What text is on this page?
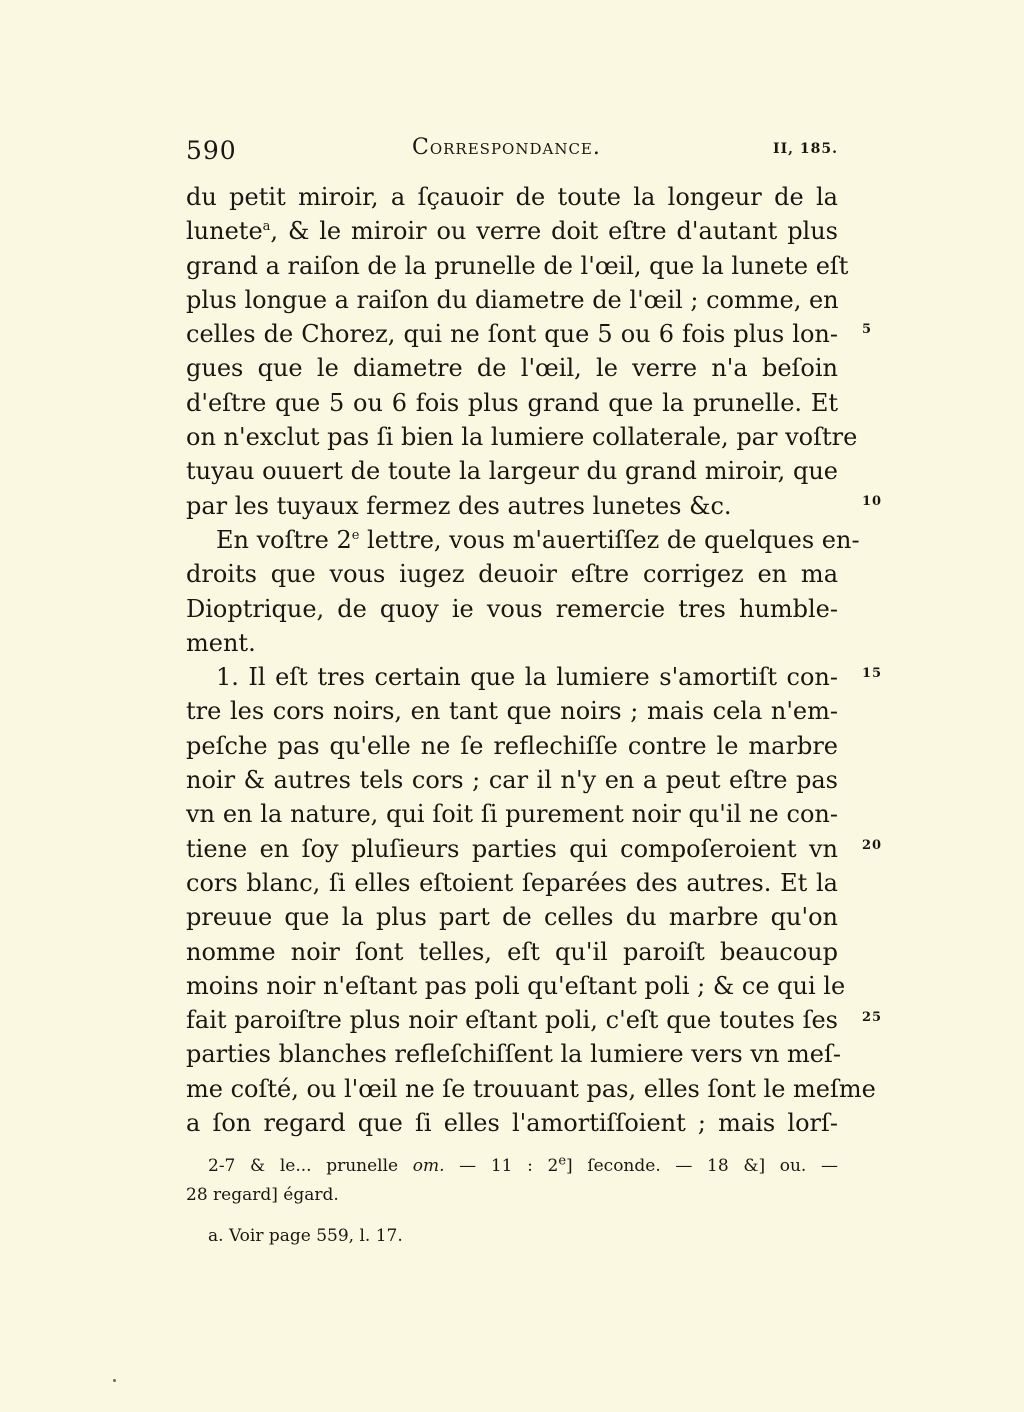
590	Correspondance.	II, 185.
du petit miroir, a ſçauoir de toute la longeur de la
lunete$^a$, & le miroir ou verre doit eſtre d'autant plus
grand a raiſon de la prunelle de l'œil, que la lunete eſt
plus longue a raiſon du diametre de l'œil ; comme, en
celles de Chorez, qui ne ſont que 5 ou 6 fois plus lon-
gues que le diametre de l'œil, le verre n'a beſoin
d'eſtre que 5 ou 6 fois plus grand que la prunelle. Et
on n'exclut pas ſi bien la lumiere collaterale, par voſtre
tuyau ouuert de toute la largeur du grand miroir, que
par les tuyaux fermez des autres lunetes &c.
En voſtre 2e lettre, vous m'auertiſſez de quelques en-
droits que vous iugez deuoir eſtre corrigez en ma
Dioptrique, de quoy ie vous remercie tres humble-
ment.
1. Il eſt tres certain que la lumiere s'amortiſt con-
tre les cors noirs, en tant que noirs ; mais cela n'em-
peſche pas qu'elle ne ſe reflechiſſe contre le marbre
noir & autres tels cors ; car il n'y en a peut eſtre pas
vn en la nature, qui ſoit ſi purement noir qu'il ne con-
tiene en ſoy pluſieurs parties qui compoſeroient vn
cors blanc, ſi elles eſtoient ſeparées des autres. Et la
preuue que la plus part de celles du marbre qu'on
nomme noir ſont telles, eſt qu'il paroiſt beaucoup
moins noir n'eſtant pas poli qu'eſtant poli ; & ce qui le
fait paroiſtre plus noir eſtant poli, c'eſt que toutes ſes
parties blanches refleſchiſſent la lumiere vers vn meſ-
me coſté, ou l'œil ne ſe trouuant pas, elles ſont le meſme
a ſon regard que ſi elles l'amortiſſoient ; mais lorſ-
5
10
15
20
25
2-7 & le... prunelle om. — 11 : 2e] ſeconde. — 18 &] ou. —
28 regard] égard.
a. Voir page 559, l. 17.
